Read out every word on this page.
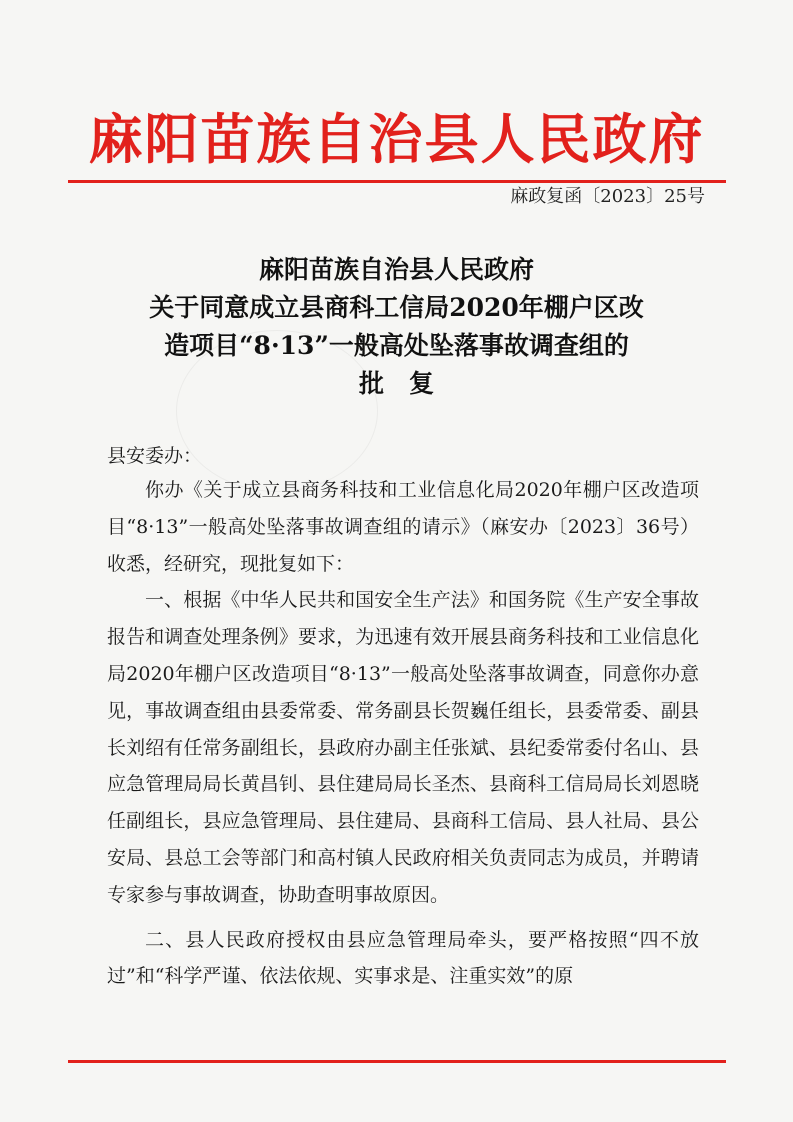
麻阳苗族自治县人民政府
麻政复函〔2023〕25号
麻阳苗族自治县人民政府
关于同意成立县商科工信局2020年棚户区改
造项目“8·13”一般高处坠落事故调查组的
批　复
县安委办：

你办《关于成立县商务科技和工业信息化局2020年棚户区改造项目“8·13”一般高处坠落事故调查组的请示》（麻安办〔2023〕36号）收悉，经研究，现批复如下：

一、根据《中华人民共和国安全生产法》和国务院《生产安全事故报告和调查处理条例》要求，为迅速有效开展县商务科技和工业信息化局2020年棚户区改造项目“8·13”一般高处坠落事故调查，同意你办意见，事故调查组由县委常委、常务副县长贺巍任组长，县委常委、副县长刘绍有任常务副组长，县政府办副主任张斌、县纪委常委付名山、县应急管理局局长黄昌钊、县住建局局长圣杰、县商科工信局局长刘恩晓任副组长，县应急管理局、县住建局、县商科工信局、县人社局、县公安局、县总工会等部门和高村镇人民政府相关负责同志为成员，并聘请专家参与事故调查，协助查明事故原因。

二、县人民政府授权由县应急管理局牵头，要严格按照“四不放过”和“科学严谨、依法依规、实事求是、注重实效”的原
